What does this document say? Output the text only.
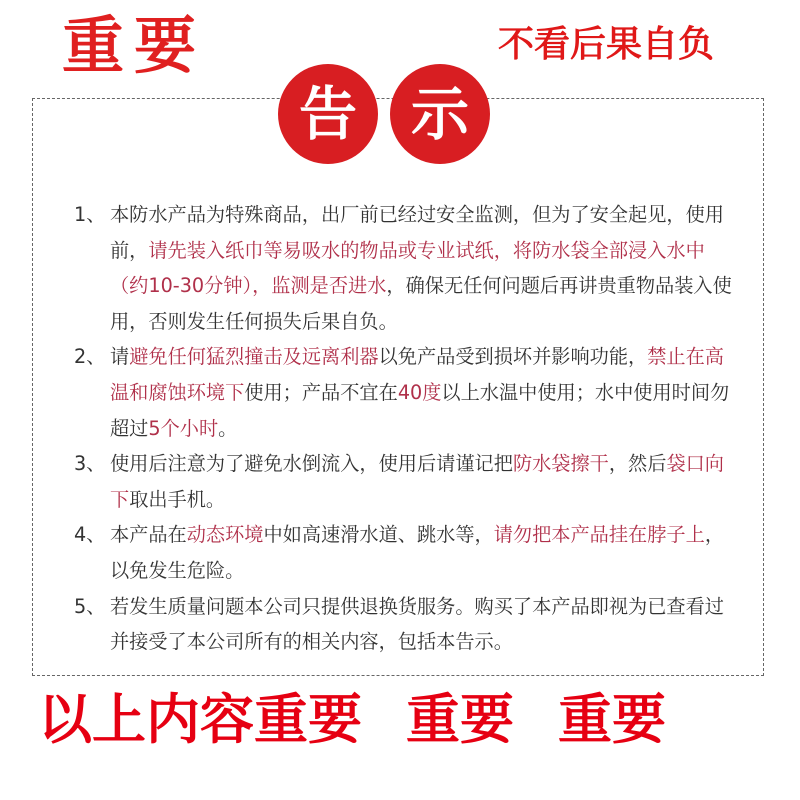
重要	不看后果自负
告 示
1、 本防水产品为特殊商品，出厂前已经过安全监测，但为了安全起见，使用前，请先装入纸巾等易吸水的物品或专业试纸，将防水袋全部浸入水中（约10-30分钟），监测是否进水，确保无任何问题后再讲贵重物品装入使用，否则发生任何损失后果自负。
2、 请避免任何猛烈撞击及远离利器以免产品受到损坏并影响功能，禁止在高温和腐蚀环境下使用；产品不宜在40度以上水温中使用；水中使用时间勿超过5个小时。
3、 使用后注意为了避免水倒流入，使用后请谨记把防水袋擦干，然后袋口向下取出手机。
4、 本产品在动态环境中如高速滑水道、跳水等，请勿把本产品挂在脖子上，以免发生危险。
5、 若发生质量问题本公司只提供退换货服务。购买了本产品即视为已查看过并接受了本公司所有的相关内容，包括本告示。
以上内容重要 重要 重要
